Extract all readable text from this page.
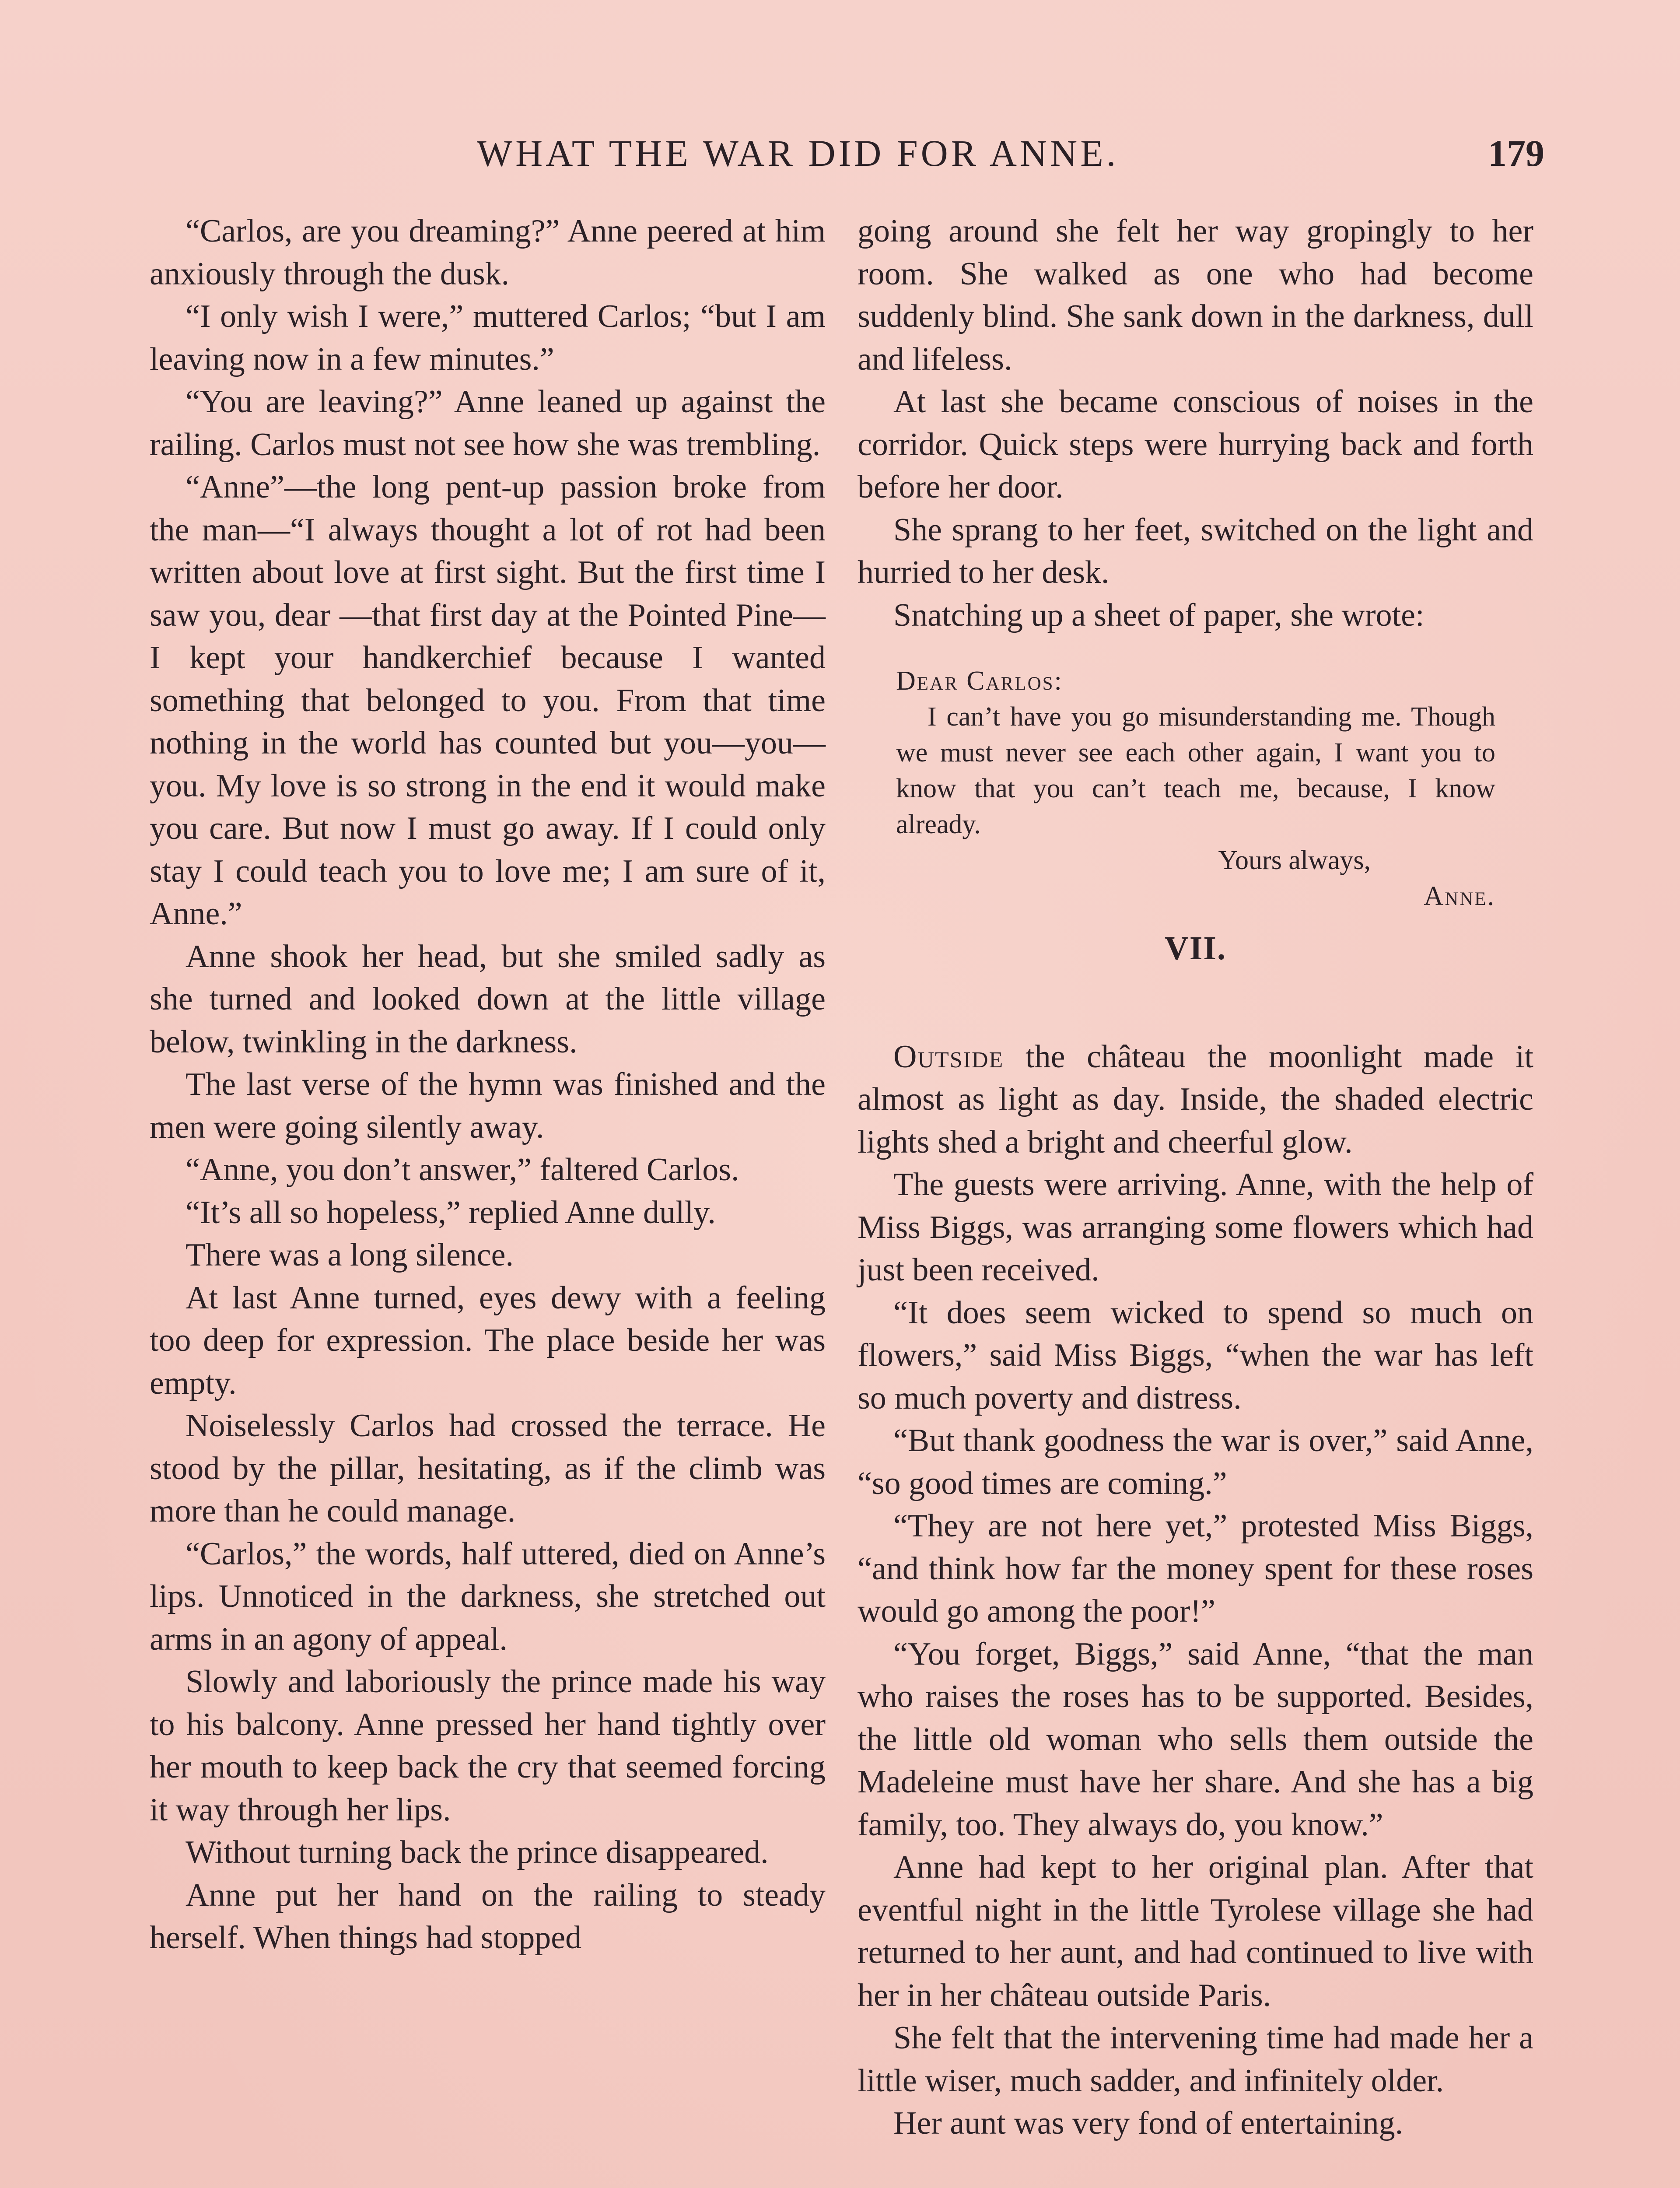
WHAT THE WAR DID FOR ANNE.	179

“Carlos, are you dreaming?” Anne peered at him anxiously through the dusk.

“I only wish I were,” muttered Carlos; “but I am leaving now in a few minutes.”

“You are leaving?” Anne leaned up against the railing. Carlos must not see how she was trembling.

“Anne”—the long pent-up passion broke from the man—“I always thought a lot of rot had been written about love at first sight. But the first time I saw you, dear —that first day at the Pointed Pine—I kept your handkerchief because I wanted something that belonged to you. From that time nothing in the world has counted but you—you—you. My love is so strong in the end it would make you care. But now I must go away. If I could only stay I could teach you to love me; I am sure of it, Anne.”

Anne shook her head, but she smiled sadly as she turned and looked down at the little village below, twinkling in the darkness.

The last verse of the hymn was finished and the men were going silently away.

“Anne, you don’t answer,” faltered Carlos.

“It’s all so hopeless,” replied Anne dully.

There was a long silence.

At last Anne turned, eyes dewy with a feeling too deep for expression. The place beside her was empty.

Noiselessly Carlos had crossed the terrace. He stood by the pillar, hesitating, as if the climb was more than he could manage.

“Carlos,” the words, half uttered, died on Anne’s lips. Unnoticed in the darkness, she stretched out arms in an agony of appeal.

Slowly and laboriously the prince made his way to his balcony. Anne pressed her hand tightly over her mouth to keep back the cry that seemed forcing it way through her lips.

Without turning back the prince disappeared.

Anne put her hand on the railing to steady herself. When things had stopped

going around she felt her way gropingly to her room. She walked as one who had become suddenly blind. She sank down in the darkness, dull and lifeless.

At last she became conscious of noises in the corridor. Quick steps were hurrying back and forth before her door.

She sprang to her feet, switched on the light and hurried to her desk.

Snatching up a sheet of paper, she wrote:

Dear Carlos:
I can’t have you go misunderstanding me. Though we must never see each other again, I want you to know that you can’t teach me, because, I know already.
Yours always,
Anne.
VII.

Outside the château the moonlight made it almost as light as day. Inside, the shaded electric lights shed a bright and cheerful glow.

The guests were arriving. Anne, with the help of Miss Biggs, was arranging some flowers which had just been received.

“It does seem wicked to spend so much on flowers,” said Miss Biggs, “when the war has left so much poverty and distress.

“But thank goodness the war is over,” said Anne, “so good times are coming.”

“They are not here yet,” protested Miss Biggs, “and think how far the money spent for these roses would go among the poor!”

“You forget, Biggs,” said Anne, “that the man who raises the roses has to be supported. Besides, the little old woman who sells them outside the Madeleine must have her share. And she has a big family, too. They always do, you know.”

Anne had kept to her original plan. After that eventful night in the little Tyrolese village she had returned to her aunt, and had continued to live with her in her château outside Paris.

She felt that the intervening time had made her a little wiser, much sadder, and infinitely older.

Her aunt was very fond of entertaining.
